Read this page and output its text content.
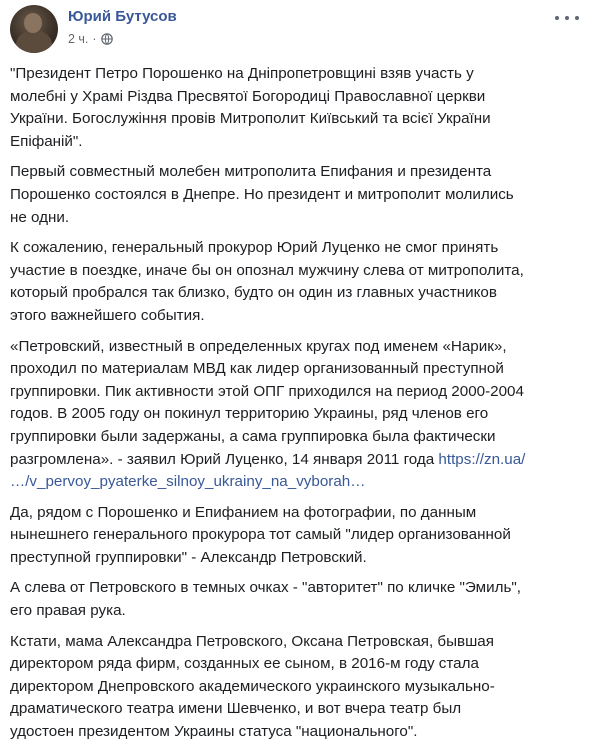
Юрий Бутусов
2 ч. ·

"Президент Петро Порошенко на Дніпропетровщині взяв участь у
молебні у Храмі Різдва Пресвятої Богородиці Православної церкви
України. Богослужіння провів Митрополит Київський та всієї України
Епіфаній".

Первый совместный молебен митрополита Епифания и президента
Порошенко состоялся в Днепре. Но президент и митрополит молились
не одни.

К сожалению, генеральный прокурор Юрий Луценко не смог принять
участие в поездке, иначе бы он опознал мужчину слева от митрополита,
который пробрался так близко, будто он один из главных участников
этого важнейшего события.

«Петровский, известный в определенных кругах под именем «Нарик»,
проходил по материалам МВД как лидер организованный преступной
группировки. Пик активности этой ОПГ приходился на период 2000-2004
годов. В 2005 году он покинул территорию Украины, ряд членов его
группировки были задержаны, а сама группировка была фактически
разгромлена». - заявил Юрий Луценко, 14 января 2011 года https://zn.ua/
…/v_pervoy_pyaterke_silnoy_ukrainy_na_vyborah…

Да, рядом с Порошенко и Епифанием на фотографии, по данным
нынешнего генерального прокурора тот самый "лидер организованной
преступной группировки" - Александр Петровский.

А слева от Петровского в темных очках - "авторитет" по кличке "Эмиль",
его правая рука.

Кстати, мама Александра Петровского, Оксана Петровская, бывшая
директором ряда фирм, созданных ее сыном, в 2016-м году стала
директором Днепровского академического украинского музыкально-
драматического театра имени Шевченко, и вот вчера театр был
удостоен президентом Украины статуса "национального".
